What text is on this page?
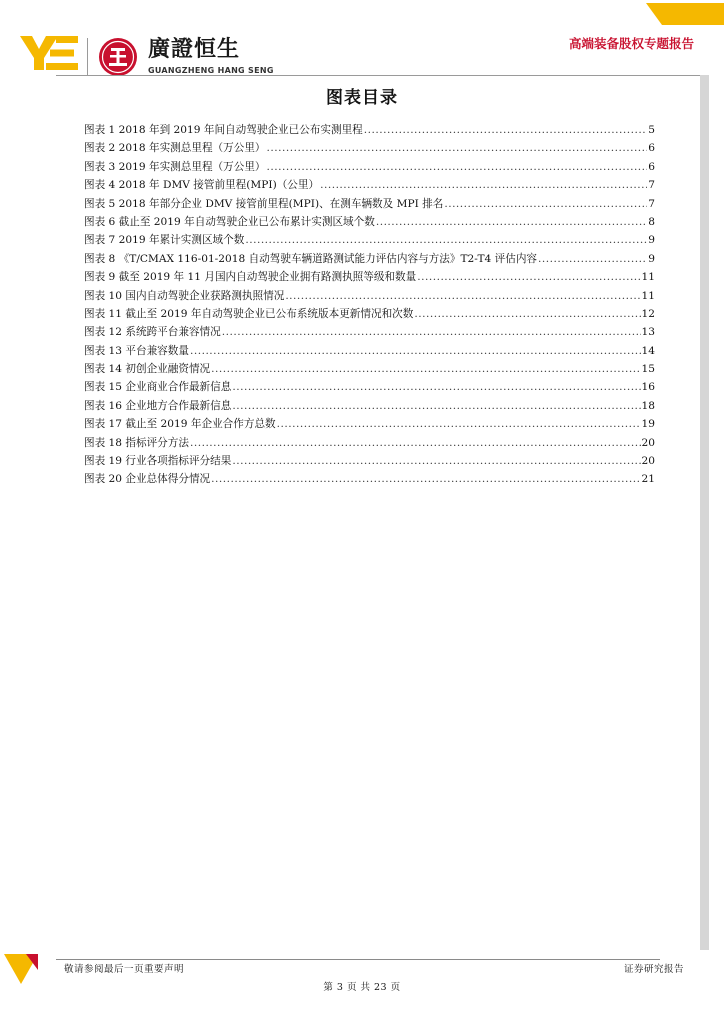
廣證恒生
GUANGZHENG HANG SENG
高端装备股权专题报告
图表目录
图表 1 2018 年到 2019 年间自动驾驶企业已公布实测里程 .....	5
图表 2 2018 年实测总里程（万公里） .....	6
图表 3 2019 年实测总里程（万公里） .....	6
图表 4 2018 年 DMV 接管前里程(MPI)（公里） .....	7
图表 5 2018 年部分企业 DMV 接管前里程(MPI)、在测车辆数及 MPI 排名 .....	7
图表 6 截止至 2019 年自动驾驶企业已公布累计实测区域个数 .....	8
图表 7 2019 年累计实测区域个数 .....	9
图表 8 《T/CMAX 116-01-2018 自动驾驶车辆道路测试能力评估内容与方法》T2-T4 评估内容 .....	9
图表 9 截至 2019 年 11 月国内自动驾驶企业拥有路测执照等级和数量 .....	11
图表 10 国内自动驾驶企业获路测执照情况 .....	11
图表 11 截止至 2019 年自动驾驶企业已公布系统版本更新情况和次数 .....	12
图表 12 系统跨平台兼容情况 .....	13
图表 13 平台兼容数量 .....	14
图表 14 初创企业融资情况 .....	15
图表 15 企业商业合作最新信息 .....	16
图表 16 企业地方合作最新信息 .....	18
图表 17 截止至 2019 年企业合作方总数 .....	19
图表 18 指标评分方法 .....	20
图表 19 行业各项指标评分结果 .....	20
图表 20 企业总体得分情况 .....	21
敬请参阅最后一页重要声明	证券研究报告
第 3 页 共 23 页
